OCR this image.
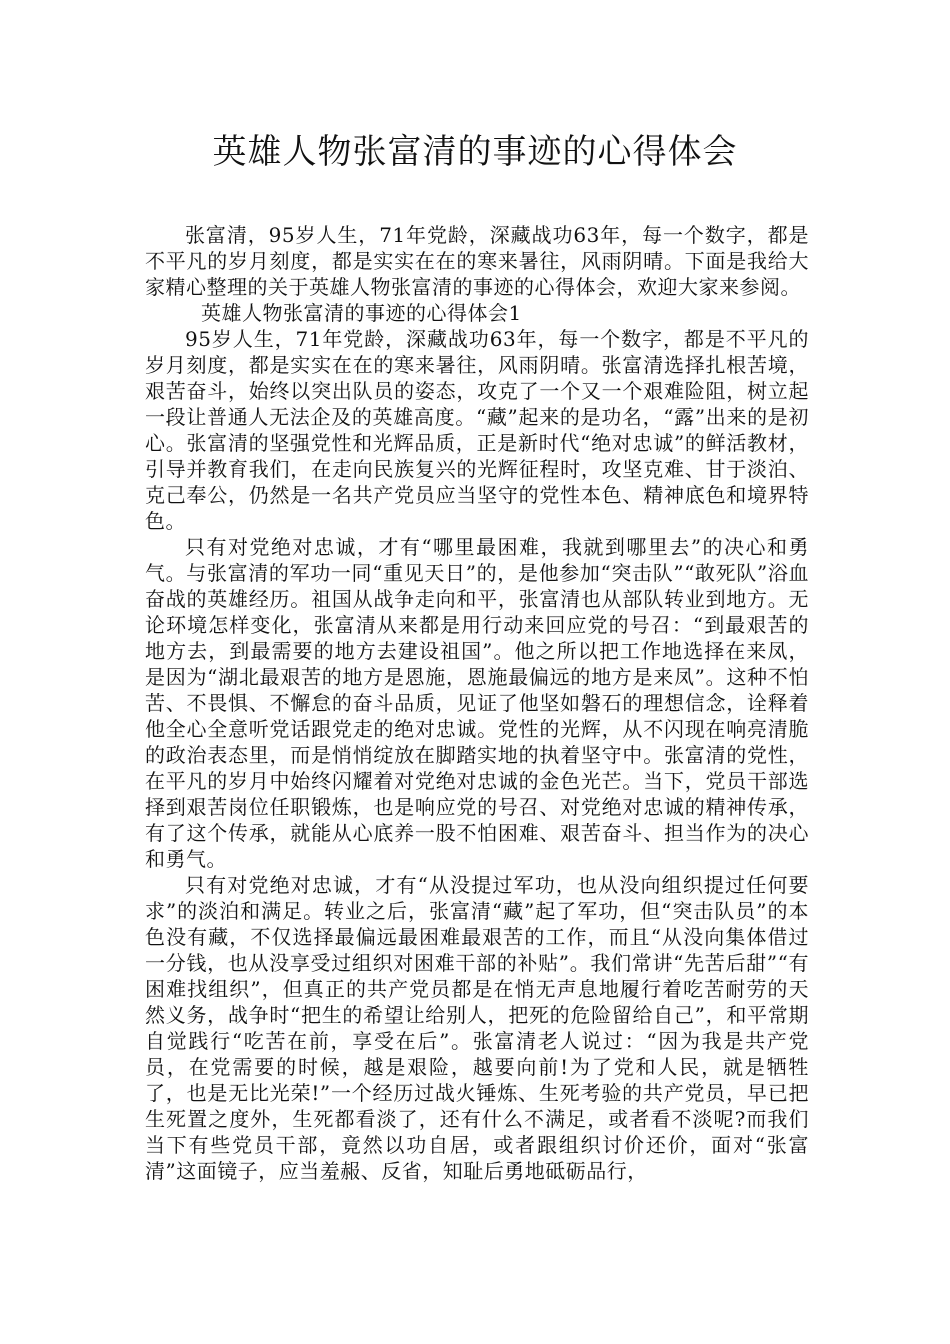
英雄人物张富清的事迹的心得体会

张富清，95岁人生，71年党龄，深藏战功63年，每一个数字，都是不平凡的岁月刻度，都是实实在在的寒来暑往，风雨阴晴。下面是我给大家精心整理的关于英雄人物张富清的事迹的心得体会，欢迎大家来参阅。

英雄人物张富清的事迹的心得体会1

95岁人生，71年党龄，深藏战功63年，每一个数字，都是不平凡的岁月刻度，都是实实在在的寒来暑往，风雨阴晴。张富清选择扎根苦境，艰苦奋斗，始终以突出队员的姿态，攻克了一个又一个艰难险阻，树立起一段让普通人无法企及的英雄高度。“藏”起来的是功名，“露”出来的是初心。张富清的坚强党性和光辉品质，正是新时代“绝对忠诚”的鲜活教材，引导并教育我们，在走向民族复兴的光辉征程时，攻坚克难、甘于淡泊、克己奉公，仍然是一名共产党员应当坚守的党性本色、精神底色和境界特色。

只有对党绝对忠诚，才有“哪里最困难，我就到哪里去”的决心和勇气。与张富清的军功一同“重见天日”的，是他参加“突击队”“敢死队”浴血奋战的英雄经历。祖国从战争走向和平，张富清也从部队转业到地方。无论环境怎样变化，张富清从来都是用行动来回应党的号召：“到最艰苦的地方去，到最需要的地方去建设祖国”。他之所以把工作地选择在来凤，是因为“湖北最艰苦的地方是恩施，恩施最偏远的地方是来凤”。这种不怕苦、不畏惧、不懈怠的奋斗品质，见证了他坚如磐石的理想信念，诠释着他全心全意听党话跟党走的绝对忠诚。党性的光辉，从不闪现在响亮清脆的政治表态里，而是悄悄绽放在脚踏实地的执着坚守中。张富清的党性，在平凡的岁月中始终闪耀着对党绝对忠诚的金色光芒。当下，党员干部选择到艰苦岗位任职锻炼，也是响应党的号召、对党绝对忠诚的精神传承，有了这个传承，就能从心底养一股不怕困难、艰苦奋斗、担当作为的决心和勇气。

只有对党绝对忠诚，才有“从没提过军功，也从没向组织提过任何要求”的淡泊和满足。转业之后，张富清“藏”起了军功，但“突击队员”的本色没有藏，不仅选择最偏远最困难最艰苦的工作，而且“从没向集体借过一分钱，也从没享受过组织对困难干部的补贴”。我们常讲“先苦后甜”“有困难找组织”，但真正的共产党员都是在悄无声息地履行着吃苦耐劳的天然义务，战争时“把生的希望让给别人，把死的危险留给自己”，和平常期自觉践行“吃苦在前，享受在后”。张富清老人说过：“因为我是共产党员，在党需要的时候，越是艰险，越要向前!为了党和人民，就是牺牲了，也是无比光荣!”一个经历过战火锤炼、生死考验的共产党员，早已把生死置之度外，生死都看淡了，还有什么不满足，或者看不淡呢?而我们当下有些党员干部，竟然以功自居，或者跟组织讨价还价，面对“张富清”这面镜子，应当羞赧、反省，知耻后勇地砥砺品行，
